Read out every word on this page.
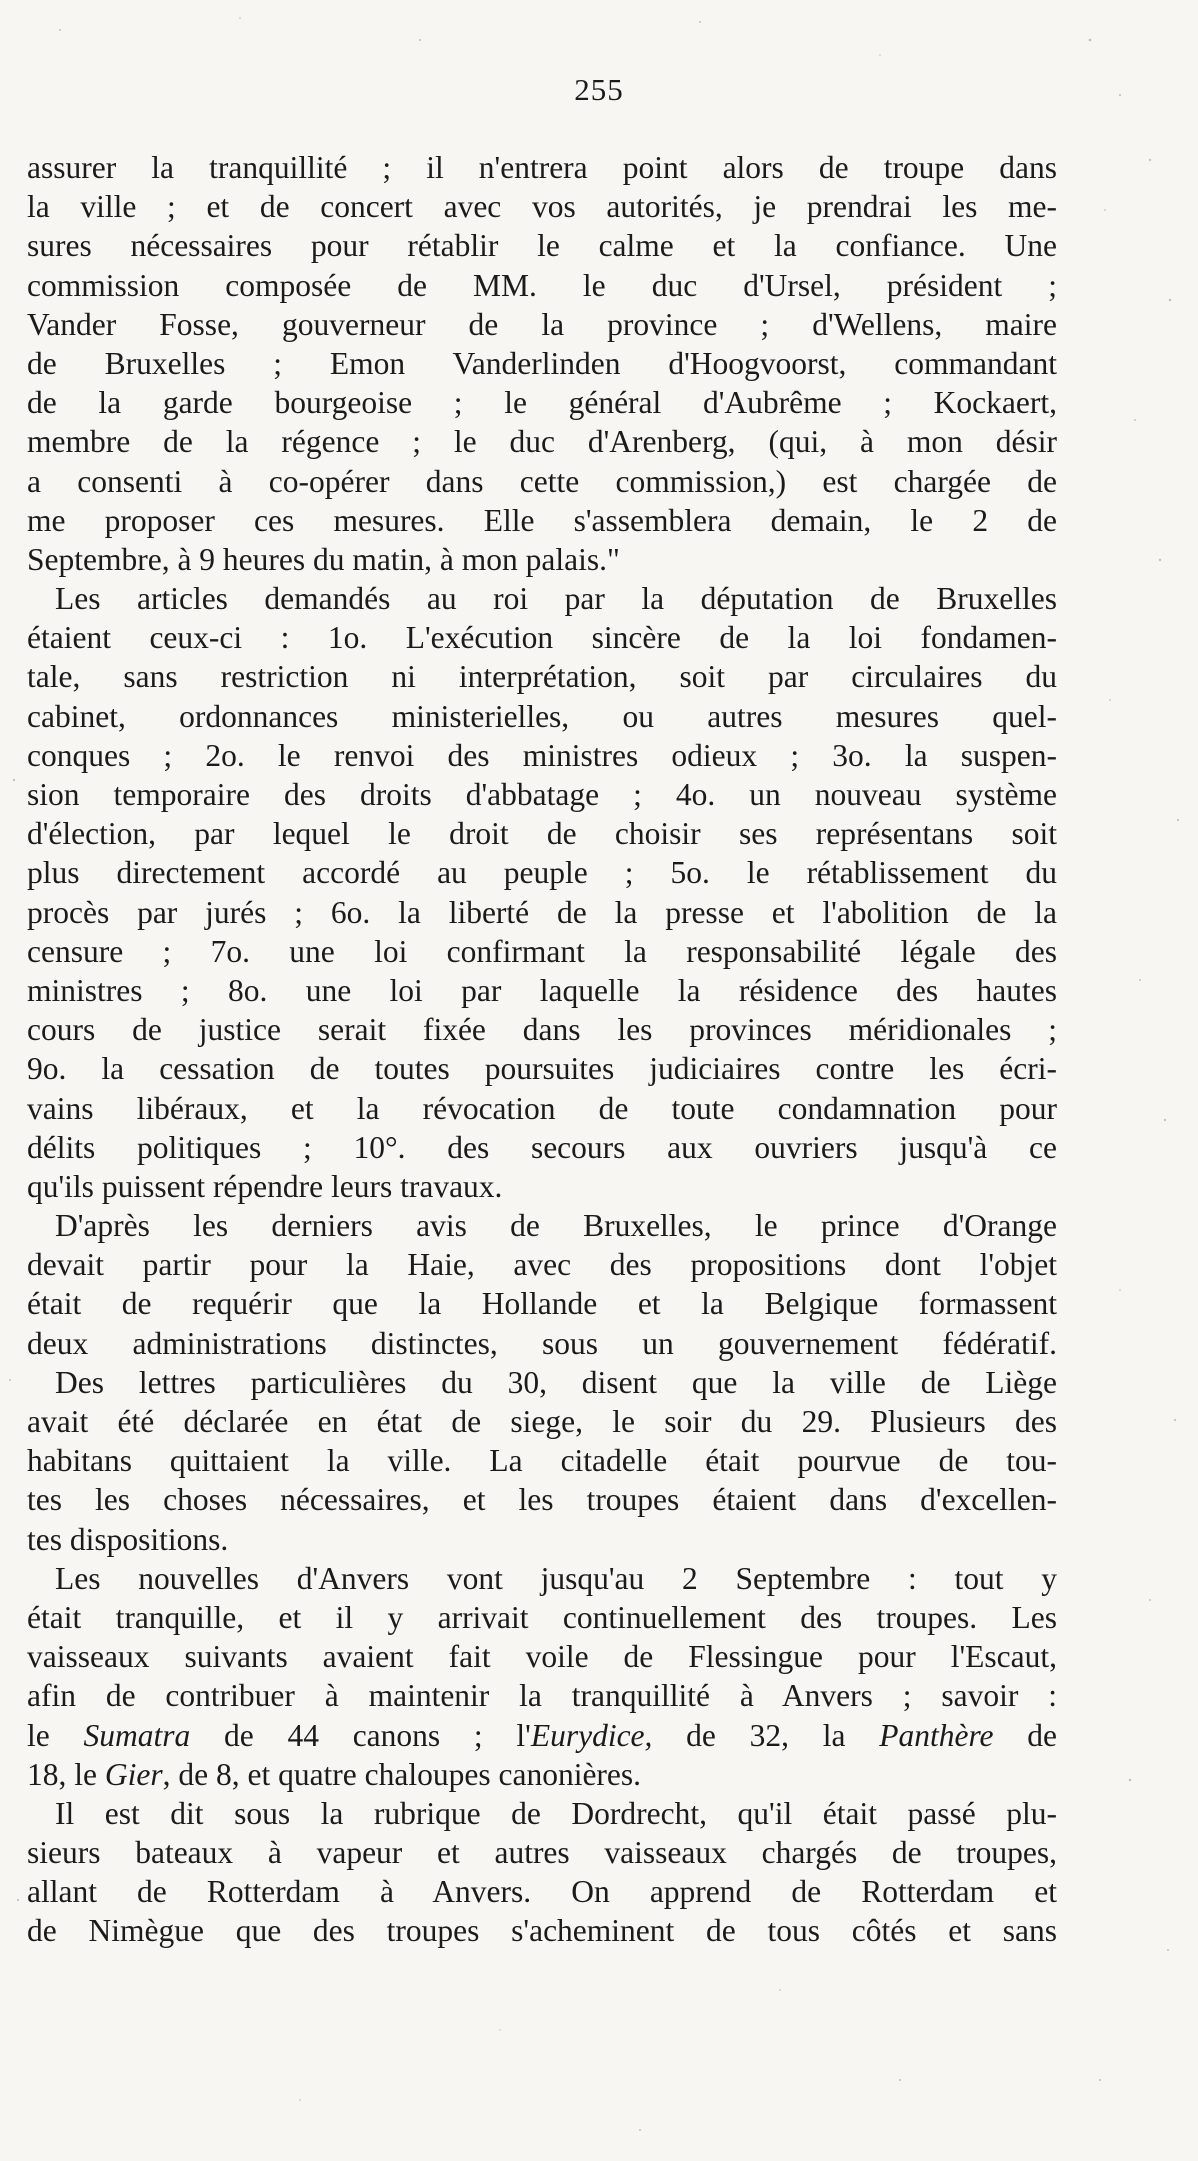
255
assurer la tranquillité ; il n'entrera point alors de troupe dans
la ville ; et de concert avec vos autorités, je prendrai les me-
sures nécessaires pour rétablir le calme et la confiance. Une
commission composée de MM. le duc d'Ursel, président ;
Vander Fosse, gouverneur de la province ; d'Wellens, maire
de Bruxelles ; Emon Vanderlinden d'Hoogvoorst, commandant
de la garde bourgeoise ; le général d'Aubrême ; Kockaert,
membre de la régence ; le duc d'Arenberg, (qui, à mon désir
a consenti à co-opérer dans cette commission,) est chargée de
me proposer ces mesures. Elle s'assemblera demain, le 2 de
Septembre, à 9 heures du matin, à mon palais."
Les articles demandés au roi par la députation de Bruxelles
étaient ceux-ci : 1o. L'exécution sincère de la loi fondamen-
tale, sans restriction ni interprétation, soit par circulaires du
cabinet, ordonnances ministerielles, ou autres mesures quel-
conques ; 2o. le renvoi des ministres odieux ; 3o. la suspen-
sion temporaire des droits d'abbatage ; 4o. un nouveau système
d'élection, par lequel le droit de choisir ses représentans soit
plus directement accordé au peuple ; 5o. le rétablissement du
procès par jurés ; 6o. la liberté de la presse et l'abolition de la
censure ; 7o. une loi confirmant la responsabilité légale des
ministres ; 8o. une loi par laquelle la résidence des hautes
cours de justice serait fixée dans les provinces méridionales ;
9o. la cessation de toutes poursuites judiciaires contre les écri-
vains libéraux, et la révocation de toute condamnation pour
délits politiques ; 10°. des secours aux ouvriers jusqu'à ce
qu'ils puissent répendre leurs travaux.
D'après les derniers avis de Bruxelles, le prince d'Orange
devait partir pour la Haie, avec des propositions dont l'objet
était de requérir que la Hollande et la Belgique formassent
deux administrations distinctes, sous un gouvernement fédératif.
Des lettres particulières du 30, disent que la ville de Liège
avait été déclarée en état de siege, le soir du 29. Plusieurs des
habitans quittaient la ville. La citadelle était pourvue de tou-
tes les choses nécessaires, et les troupes étaient dans d'excellen-
tes dispositions.
Les nouvelles d'Anvers vont jusqu'au 2 Septembre : tout y
était tranquille, et il y arrivait continuellement des troupes. Les
vaisseaux suivants avaient fait voile de Flessingue pour l'Escaut,
afin de contribuer à maintenir la tranquillité à Anvers ; savoir :
le Sumatra de 44 canons ; l'Eurydice, de 32, la Panthère de
18, le Gier, de 8, et quatre chaloupes canonières.
Il est dit sous la rubrique de Dordrecht, qu'il était passé plu-
sieurs bateaux à vapeur et autres vaisseaux chargés de troupes,
allant de Rotterdam à Anvers. On apprend de Rotterdam et
de Nimègue que des troupes s'acheminent de tous côtés et sans
